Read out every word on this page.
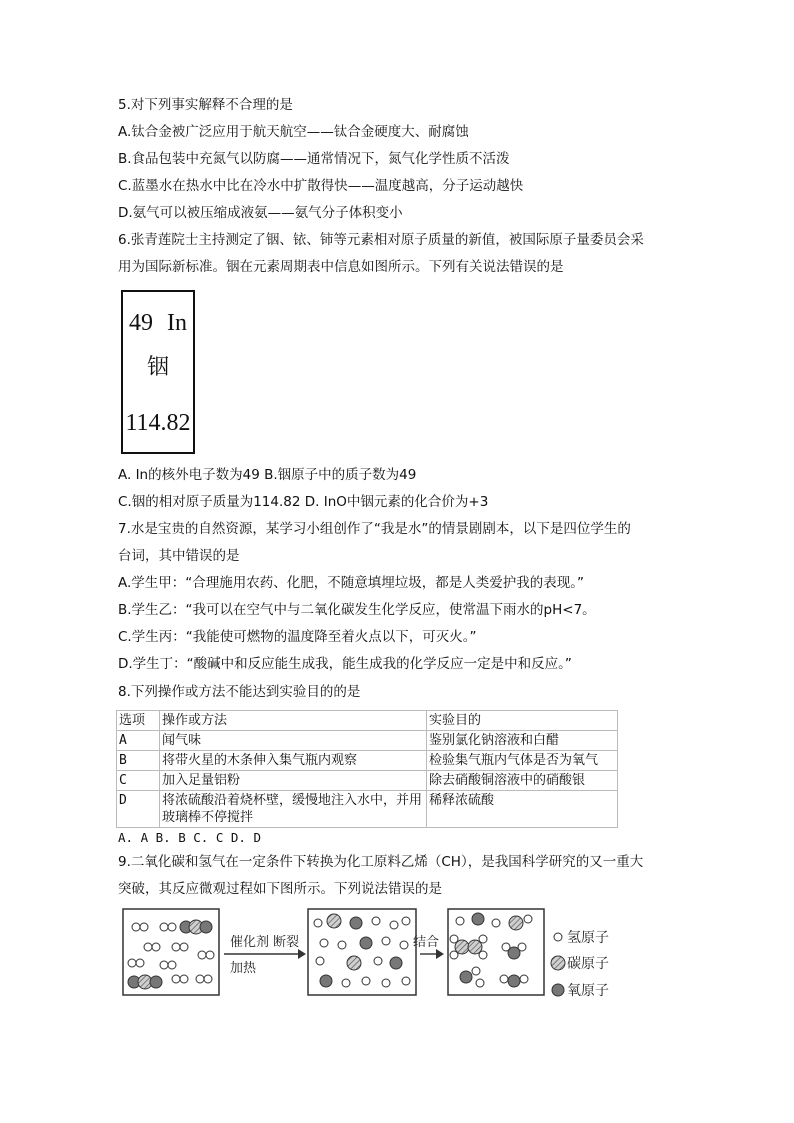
5.对下列事实解释不合理的是
A.钛合金被广泛应用于航天航空——钛合金硬度大、耐腐蚀
B.食品包装中充氮气以防腐——通常情况下，氮气化学性质不活泼
C.蓝墨水在热水中比在冷水中扩散得快——温度越高，分子运动越快
D.氨气可以被压缩成液氨——氨气分子体积变小
6.张青莲院士主持测定了铟、铱、铈等元素相对原子质量的新值，被国际原子量委员会采
用为国际新标准。铟在元素周期表中信息如图所示。下列有关说法错误的是
49 In
铟
114.82
A. In的核外电子数为49 B.铟原子中的质子数为49
C.铟的相对原子质量为114.82 D. InO中铟元素的化合价为+3
7.水是宝贵的自然资源，某学习小组创作了“我是水”的情景剧剧本，以下是四位学生的
台词，其中错误的是
A.学生甲：“合理施用农药、化肥，不随意填埋垃圾，都是人类爱护我的表现。”
B.学生乙：“我可以在空气中与二氧化碳发生化学反应，使常温下雨水的pH<7。
C.学生丙：“我能使可燃物的温度降至着火点以下，可灭火。”
D.学生丁：“酸碱中和反应能生成我，能生成我的化学反应一定是中和反应。”
8.下列操作或方法不能达到实验目的的是
选项	操作或方法	实验目的
A	闻气味	鉴别氯化钠溶液和白醋
B	将带火星的木条伸入集气瓶内观察	检验集气瓶内气体是否为氧气
C	加入足量铝粉	除去硝酸铜溶液中的硝酸银
D	将浓硫酸沿着烧杯壁，缓慢地注入水中，并用玻璃棒不停搅拌	稀释浓硫酸
A. A B. B C. C D. D
9.二氧化碳和氢气在一定条件下转换为化工原料乙烯（CH），是我国科学研究的又一重大
突破，其反应微观过程如下图所示。下列说法错误的是
催化剂 断裂
加热
结合	氢原子
碳原子
氧原子
